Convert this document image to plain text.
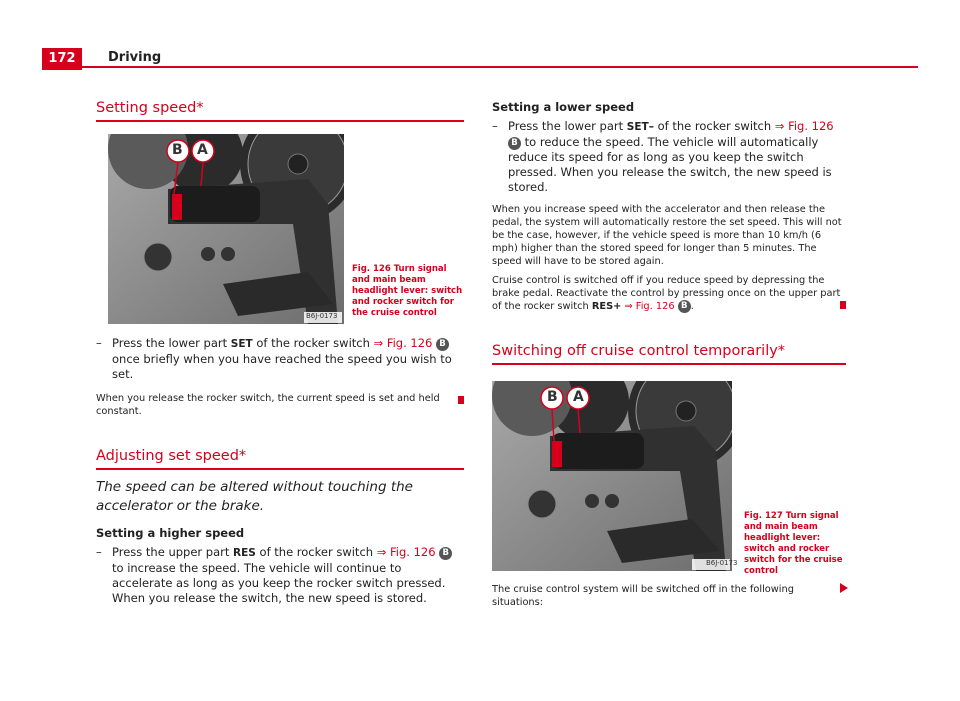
172	Driving
Setting speed*
B A
B6J-0173
Fig. 126 Turn signal and main beam headlight lever: switch and rocker switch for the cruise control
– Press the lower part SET of the rocker switch ⇒ Fig. 126 B once briefly when you have reached the speed you wish to set.
When you release the rocker switch, the current speed is set and held constant.
Adjusting set speed*
The speed can be altered without touching the accelerator or the brake.
Setting a higher speed
– Press the upper part RES of the rocker switch ⇒ Fig. 126 B to increase the speed. The vehicle will continue to accelerate as long as you keep the rocker switch pressed. When you release the switch, the new speed is stored.
Setting a lower speed
– Press the lower part SET– of the rocker switch ⇒ Fig. 126 B to reduce the speed. The vehicle will automatically reduce its speed for as long as you keep the switch pressed. When you release the switch, the new speed is stored.
When you increase speed with the accelerator and then release the pedal, the system will automatically restore the set speed. This will not be the case, however, if the vehicle speed is more than 10 km/h (6 mph) higher than the stored speed for longer than 5 minutes. The speed will have to be stored again.
Cruise control is switched off if you reduce speed by depressing the brake pedal. Reactivate the control by pressing once on the upper part of the rocker switch RES+ ⇒ Fig. 126 B .
Switching off cruise control temporarily*
B A
B6J-0173
Fig. 127 Turn signal and main beam headlight lever: switch and rocker switch for the cruise control
The cruise control system will be switched off in the following situations:
